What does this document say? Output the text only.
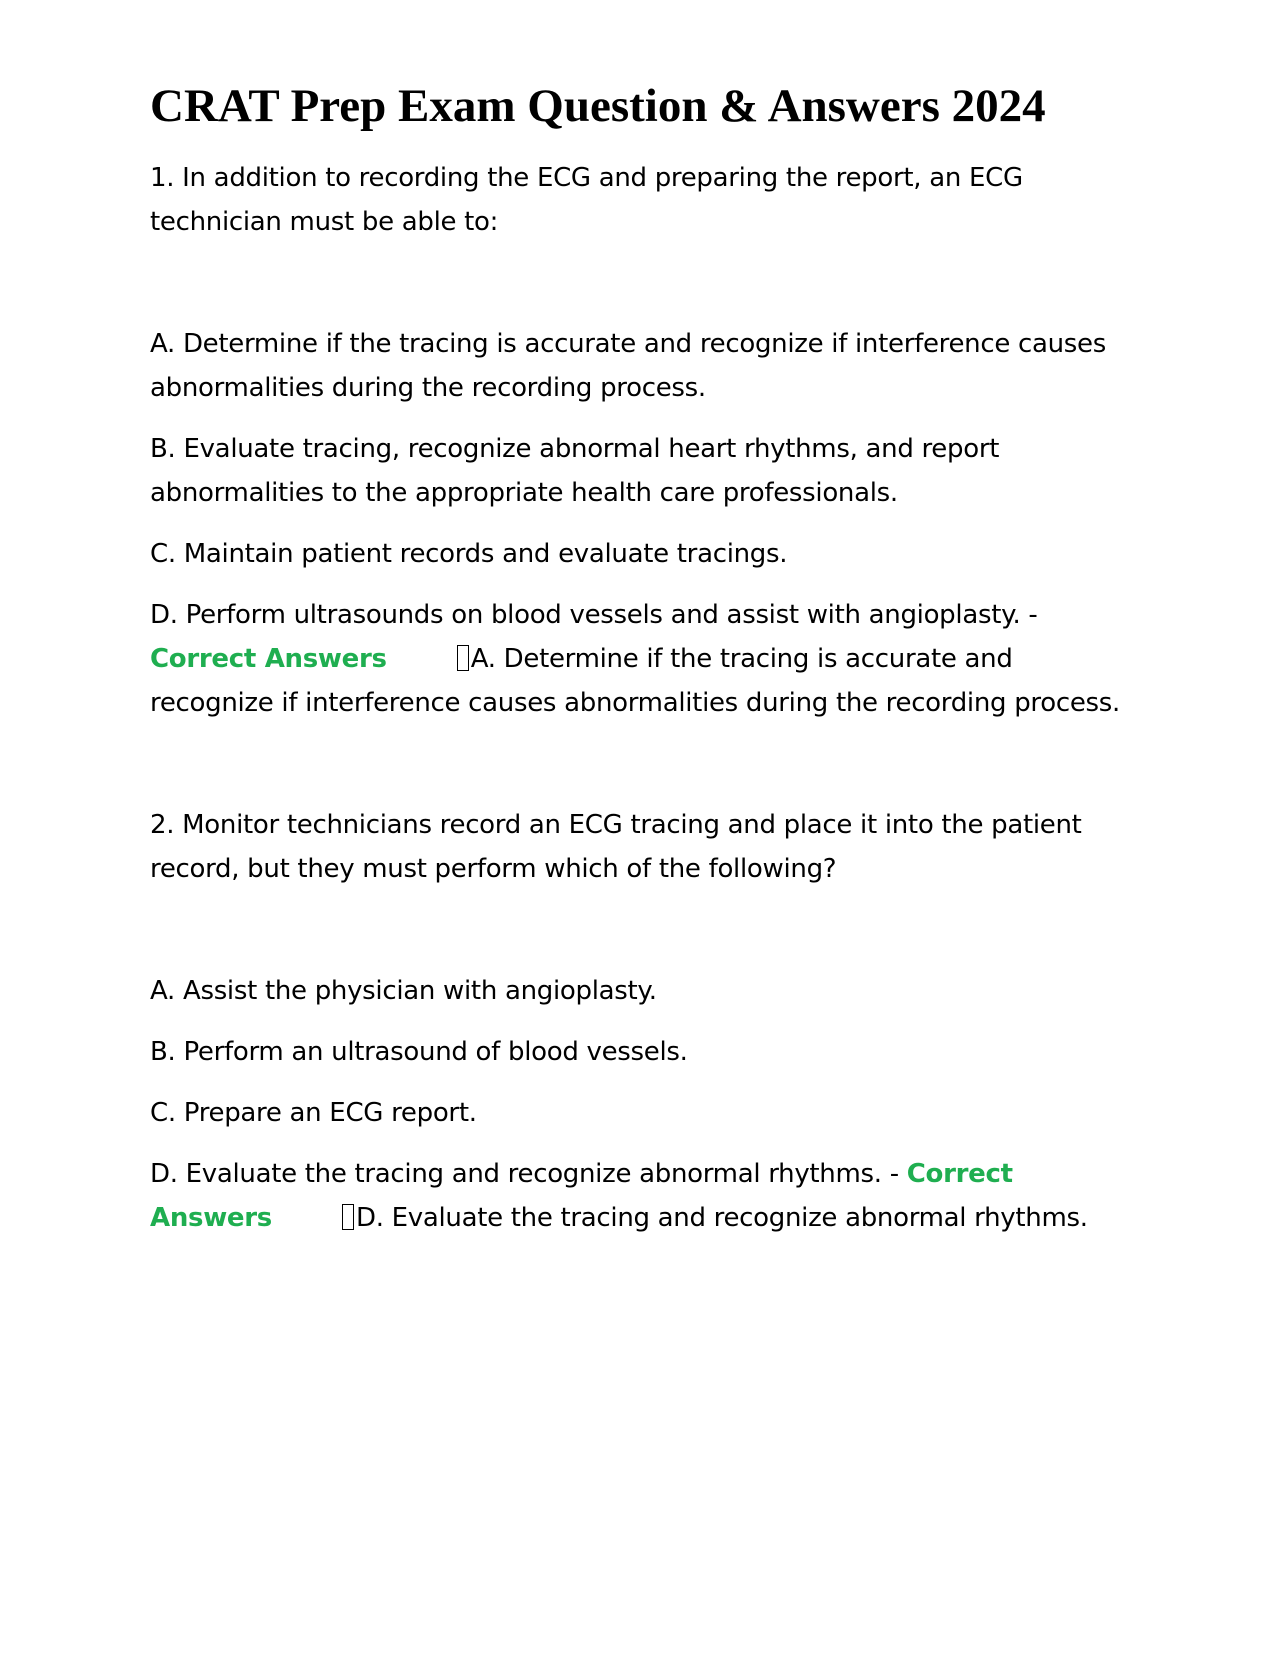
CRAT Prep Exam Question & Answers 2024

1. In addition to recording the ECG and preparing the report, an ECG technician must be able to:

A. Determine if the tracing is accurate and recognize if interference causes abnormalities during the recording process.

B. Evaluate tracing, recognize abnormal heart rhythms, and report abnormalities to the appropriate health care professionals.

C. Maintain patient records and evaluate tracings.

D. Perform ultrasounds on blood vessels and assist with angioplasty. -
Correct Answers	A. Determine if the tracing is accurate and recognize if interference causes abnormalities during the recording process.

2. Monitor technicians record an ECG tracing and place it into the patient record, but they must perform which of the following?

A. Assist the physician with angioplasty.

B. Perform an ultrasound of blood vessels.

C. Prepare an ECG report.

D. Evaluate the tracing and recognize abnormal rhythms. - Correct Answers	D. Evaluate the tracing and recognize abnormal rhythms.
